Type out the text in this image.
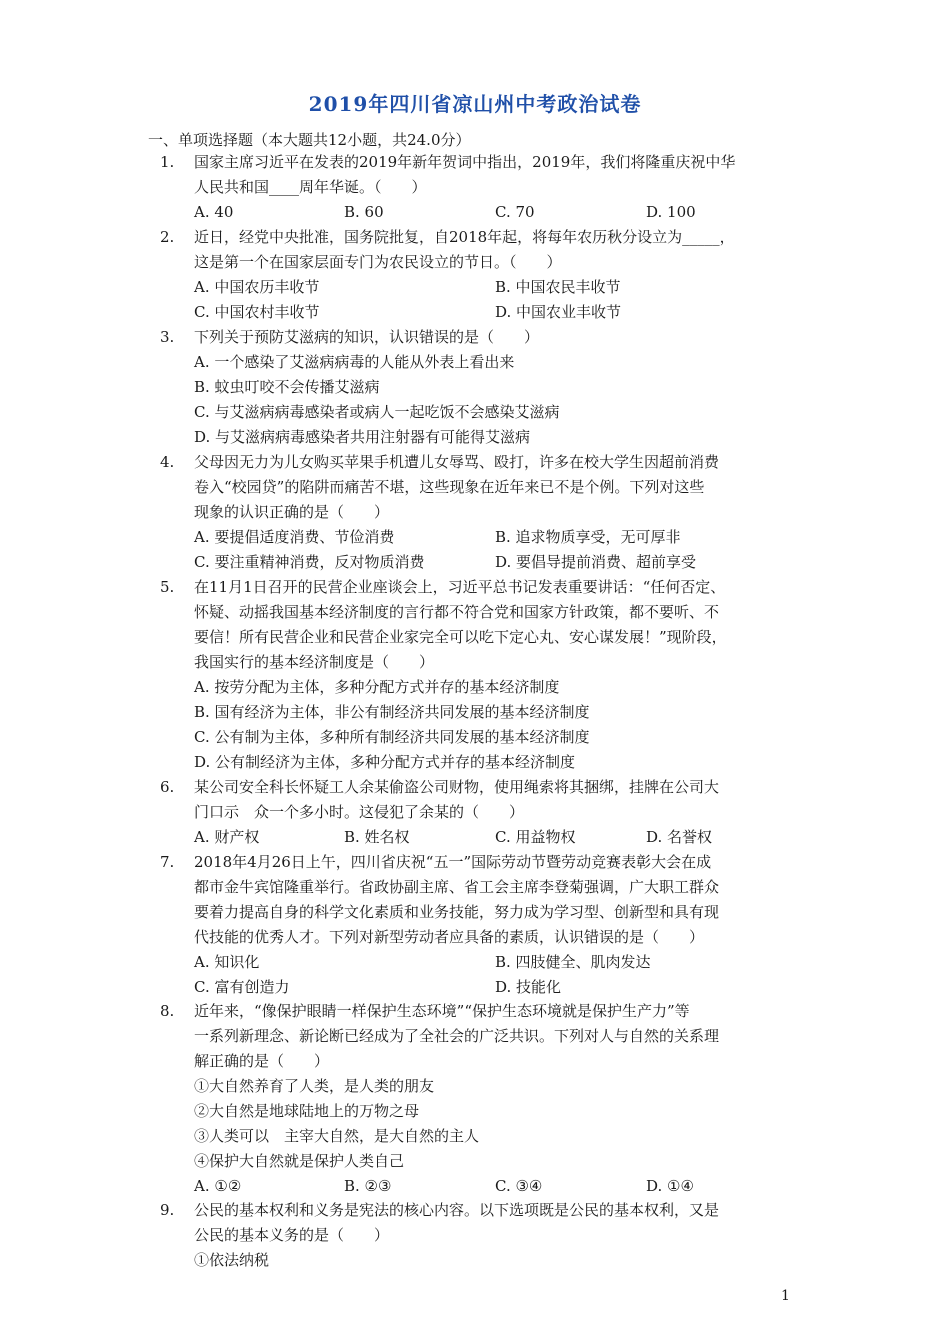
2019年四川省凉山州中考政治试卷
一、单项选择题（本大题共12小题，共24.0分）
1. 国家主席习近平在发表的2019年新年贺词中指出，2019年，我们将隆重庆祝中华
人民共和国____周年华诞。（　　）
A. 40	B. 60	C. 70	D. 100
2. 近日，经党中央批准，国务院批复，自2018年起，将每年农历秋分设立为_____，
这是第一个在国家层面专门为农民设立的节日。（　　）
A. 中国农历丰收节	B. 中国农民丰收节
C. 中国农村丰收节	D. 中国农业丰收节
3. 下列关于预防艾滋病的知识，认识错误的是（　　）
A. 一个感染了艾滋病病毒的人能从外表上看出来
B. 蚊虫叮咬不会传播艾滋病
C. 与艾滋病病毒感染者或病人一起吃饭不会感染艾滋病
D. 与艾滋病病毒感染者共用注射器有可能得艾滋病
4. 父母因无力为儿女购买苹果手机遭儿女辱骂、殴打，许多在校大学生因超前消费
卷入“校园贷”的陷阱而痛苦不堪，这些现象在近年来已不是个例。下列对这些
现象的认识正确的是（　　）
A. 要提倡适度消费、节俭消费	B. 追求物质享受，无可厚非
C. 要注重精神消费，反对物质消费	D. 要倡导提前消费、超前享受
5. 在11月1日召开的民营企业座谈会上，习近平总书记发表重要讲话：“任何否定、
怀疑、动摇我国基本经济制度的言行都不符合党和国家方针政策，都不要听、不
要信！所有民营企业和民营企业家完全可以吃下定心丸、安心谋发展！”现阶段，
我国实行的基本经济制度是（　　）
A. 按劳分配为主体，多种分配方式并存的基本经济制度
B. 国有经济为主体，非公有制经济共同发展的基本经济制度
C. 公有制为主体，多种所有制经济共同发展的基本经济制度
D. 公有制经济为主体，多种分配方式并存的基本经济制度
6. 某公司安全科长怀疑工人余某偷盗公司财物，使用绳索将其捆绑，挂牌在公司大
门口示　众一个多小时。这侵犯了余某的（　　）
A. 财产权	B. 姓名权	C. 用益物权	D. 名誉权
7. 2018年4月26日上午，四川省庆祝“五一”国际劳动节暨劳动竞赛表彰大会在成
都市金牛宾馆隆重举行。省政协副主席、省工会主席李登菊强调，广大职工群众
要着力提高自身的科学文化素质和业务技能，努力成为学习型、创新型和具有现
代技能的优秀人才。下列对新型劳动者应具备的素质，认识错误的是（　　）
A. 知识化	B. 四肢健全、肌肉发达
C. 富有创造力	D. 技能化
8. 近年来，“像保护眼睛一样保护生态环境”“保护生态环境就是保护生产力”等
一系列新理念、新论断已经成为了全社会的广泛共识。下列对人与自然的关系理
解正确的是（　　）
①大自然养育了人类，是人类的朋友
②大自然是地球陆地上的万物之母
③人类可以　主宰大自然，是大自然的主人
④保护大自然就是保护人类自己
A. ①②	B. ②③	C. ③④	D. ①④
9. 公民的基本权利和义务是宪法的核心内容。以下选项既是公民的基本权利，又是
公民的基本义务的是（　　）
①依法纳税
1
